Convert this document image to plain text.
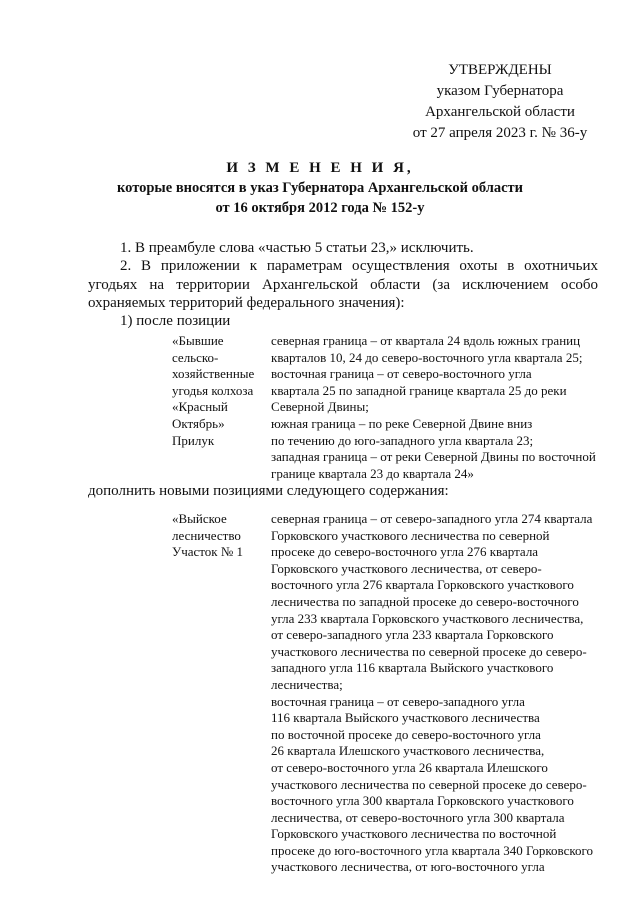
УТВЕРЖДЕНЫ
указом Губернатора
Архангельской области
от 27 апреля 2023 г. № 36-у
И З М Е Н Е Н И Я,
которые вносятся в указ Губернатора Архангельской области
от 16 октября 2012 года № 152-у
1. В преамбуле слова «частью 5 статьи 23,» исключить.
2. В приложении к параметрам осуществления охоты в охотничьих угодьях на территории Архангельской области (за исключением особо охраняемых территорий федерального значения):
1) после позиции
«Бывшие
сельско-
хозяйственные
угодья колхоза
«Красный
Октябрь»
Прилук
северная граница – от квартала 24 вдоль южных границ
кварталов 10, 24 до северо-восточного угла квартала 25;
восточная граница – от северо-восточного угла
квартала 25 по западной границе квартала 25 до реки
Северной Двины;
южная граница – по реке Северной Двине вниз
по течению до юго-западного угла квартала 23;
западная граница – от реки Северной Двины по восточной
границе квартала 23 до квартала 24»
дополнить новыми позициями следующего содержания:
«Выйское
лесничество
Участок № 1
северная граница – от северо-западного угла 274 квартала
Горковского участкового лесничества по северной
просеке до северо-восточного угла 276 квартала
Горковского участкового лесничества, от северо-
восточного угла 276 квартала Горковского участкового
лесничества по западной просеке до северо-восточного
угла 233 квартала Горковского участкового лесничества,
от северо-западного угла 233 квартала Горковского
участкового лесничества по северной просеке до северо-
западного угла 116 квартала Выйского участкового
лесничества;
восточная граница – от северо-западного угла
116 квартала Выйского участкового лесничества
по восточной просеке до северо-восточного угла
26 квартала Илешского участкового лесничества,
от северо-восточного угла 26 квартала Илешского
участкового лесничества по северной просеке до северо-
восточного угла 300 квартала Горковского участкового
лесничества, от северо-восточного угла 300 квартала
Горковского участкового лесничества по восточной
просеке до юго-восточного угла квартала 340 Горковского
участкового лесничества, от юго-восточного угла
